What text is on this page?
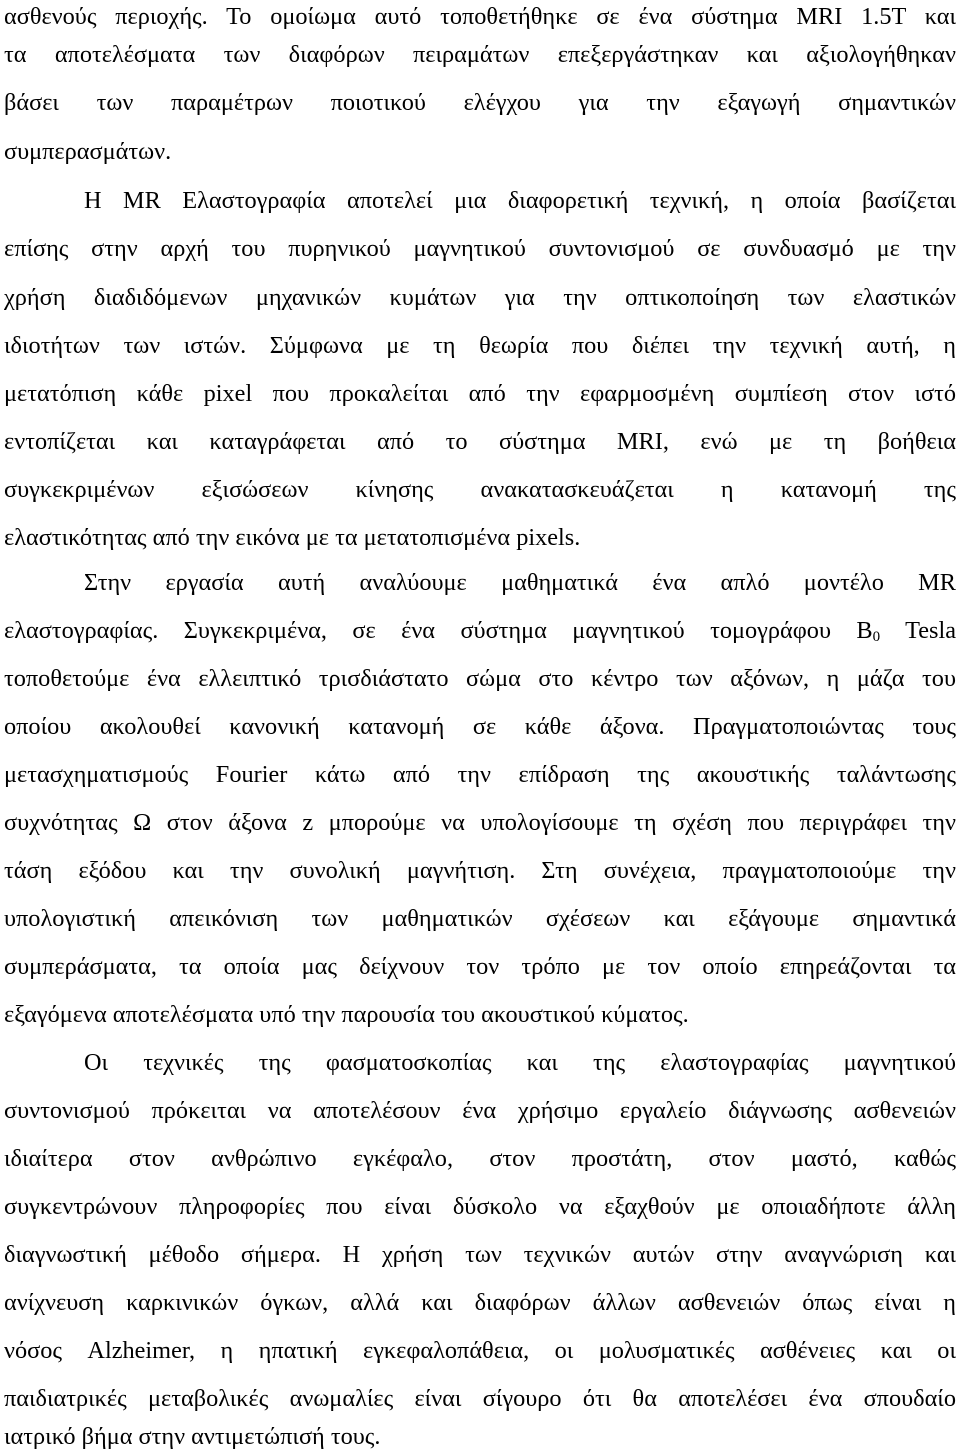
ασθενούς περιοχής. Το ομοίωμα αυτό τοποθετήθηκε σε ένα σύστημα MRI 1.5T και
τα αποτελέσματα των διαφόρων πειραμάτων επεξεργάστηκαν και αξιολογήθηκαν
βάσει των παραμέτρων ποιοτικού ελέγχου για την εξαγωγή σημαντικών
συμπερασμάτων.
Η MR Ελαστογραφία αποτελεί μια διαφορετική τεχνική, η οποία βασίζεται
επίσης στην αρχή του πυρηνικού μαγνητικού συντονισμού σε συνδυασμό με την
χρήση διαδιδόμενων μηχανικών κυμάτων για την οπτικοποίηση των ελαστικών
ιδιοτήτων των ιστών. Σύμφωνα με τη θεωρία που διέπει την τεχνική αυτή, η
μετατόπιση κάθε pixel που προκαλείται από την εφαρμοσμένη συμπίεση στον ιστό
εντοπίζεται και καταγράφεται από το σύστημα MRI, ενώ με τη βοήθεια
συγκεκριμένων εξισώσεων κίνησης ανακατασκευάζεται η κατανομή της
ελαστικότητας από την εικόνα με τα μετατοπισμένα pixels.
Στην εργασία αυτή αναλύουμε μαθηματικά ένα απλό μοντέλο MR
ελαστογραφίας. Συγκεκριμένα, σε ένα σύστημα μαγνητικού τομογράφου $B_0$ Tesla
τοποθετούμε ένα ελλειπτικό τρισδιάστατο σώμα στο κέντρο των αξόνων, η μάζα του
οποίου ακολουθεί κανονική κατανομή σε κάθε άξονα. Πραγματοποιώντας τους
μετασχηματισμούς Fourier κάτω από την επίδραση της ακουστικής ταλάντωσης
συχνότητας Ω στον άξονα z μπορούμε να υπολογίσουμε τη σχέση που περιγράφει την
τάση εξόδου και την συνολική μαγνήτιση. Στη συνέχεια, πραγματοποιούμε την
υπολογιστική απεικόνιση των μαθηματικών σχέσεων και εξάγουμε σημαντικά
συμπεράσματα, τα οποία μας δείχνουν τον τρόπο με τον οποίο επηρεάζονται τα
εξαγόμενα αποτελέσματα υπό την παρουσία του ακουστικού κύματος.
Οι τεχνικές της φασματοσκοπίας και της ελαστογραφίας μαγνητικού
συντονισμού πρόκειται να αποτελέσουν ένα χρήσιμο εργαλείο διάγνωσης ασθενειών
ιδιαίτερα στον ανθρώπινο εγκέφαλο, στον προστάτη, στον μαστό, καθώς
συγκεντρώνουν πληροφορίες που είναι δύσκολο να εξαχθούν με οποιαδήποτε άλλη
διαγνωστική μέθοδο σήμερα. Η χρήση των τεχνικών αυτών στην αναγνώριση και
ανίχνευση καρκινικών όγκων, αλλά και διαφόρων άλλων ασθενειών όπως είναι η
νόσος Alzheimer, η ηπατική εγκεφαλοπάθεια, οι μολυσματικές ασθένειες και οι
παιδιατρικές μεταβολικές ανωμαλίες είναι σίγουρο ότι θα αποτελέσει ένα σπουδαίο
ιατρικό βήμα στην αντιμετώπισή τους.
